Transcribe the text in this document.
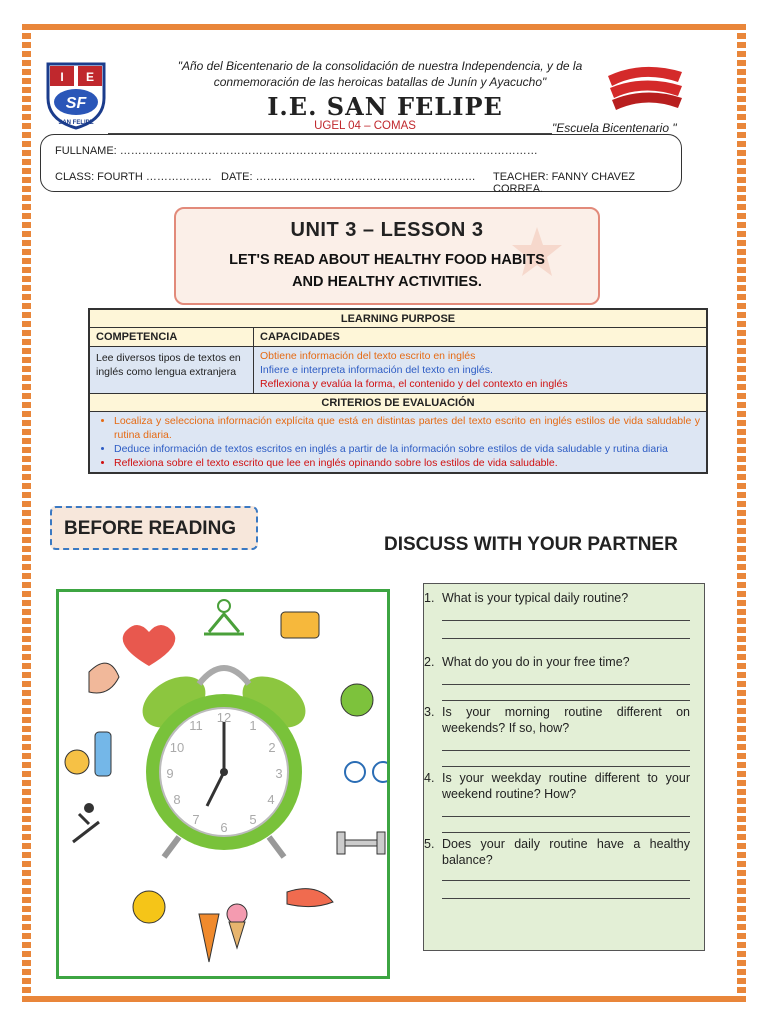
I E
SF
SAN FELIPE
"Año del Bicentenario de la consolidación de nuestra Independencia, y de la
conmemoración de las heroicas batallas de Junín y Ayacucho"
I.E. SAN FELIPE
UGEL 04 – COMAS	"Escuela Bicentenario "
FULLNAME: ……………………………………………………………………………………………………
CLASS: FOURTH ……………… DATE: …………………………………………………… TEACHER: FANNY CHAVEZ CORREA.
UNIT 3 – LESSON 3
LET'S READ ABOUT HEALTHY FOOD HABITS
AND HEALTHY ACTIVITIES.
LEARNING PURPOSE
COMPETENCIA	CAPACIDADES
Lee diversos tipos de textos en inglés como lengua extranjera
Obtiene información del texto escrito en inglés
Infiere e interpreta información del texto en inglés.
Reflexiona y evalúa la forma, el contenido y del contexto en inglés
CRITERIOS DE EVALUACIÓN
• Localiza y selecciona información explícita que está en distintas partes del texto escrito en inglés estilos de vida saludable y rutina diaria.
• Deduce información de textos escritos en inglés a partir de la información sobre estilos de vida saludable y rutina diaria
• Reflexiona sobre el texto escrito que lee en inglés opinando sobre los estilos de vida saludable.
BEFORE READING
DISCUSS WITH YOUR PARTNER
12
1
2
3
4
5
6
7
8
9
10
11
1. What is your typical daily routine?
2. What do you do in your free time?
3. Is your morning routine different on weekends? If so, how?
4. Is your weekday routine different to your weekend routine? How?
5. Does your daily routine have a healthy balance?
